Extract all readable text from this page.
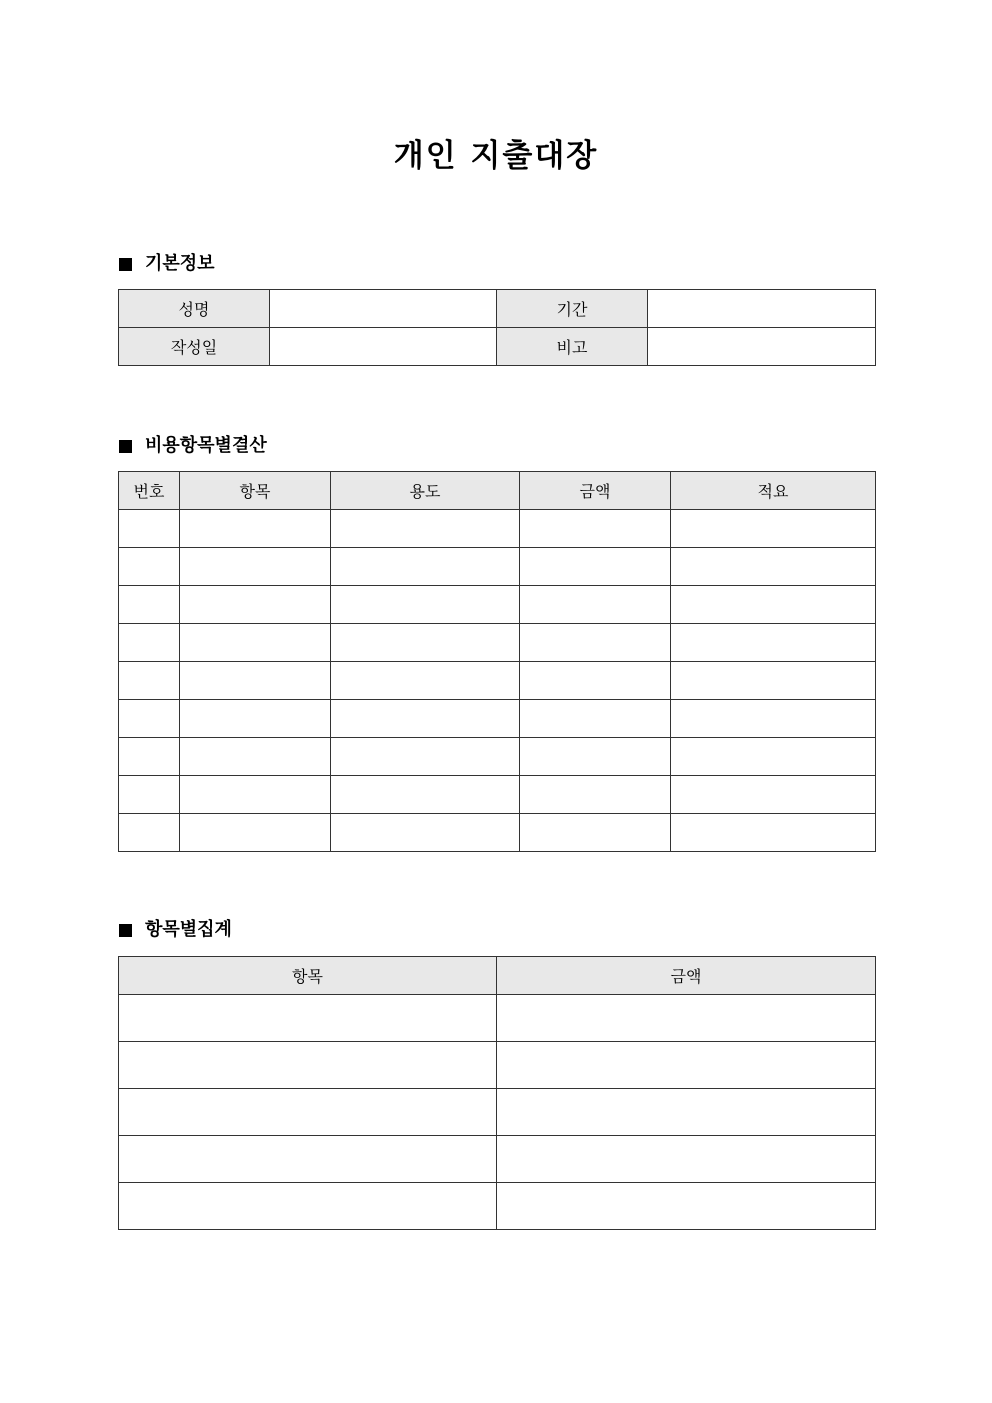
개인 지출대장
기본정보
성명		기간	
작성일		비고	
비용항목별결산
번호	항목	용도	금액	적요

항목별집계
항목	금액
